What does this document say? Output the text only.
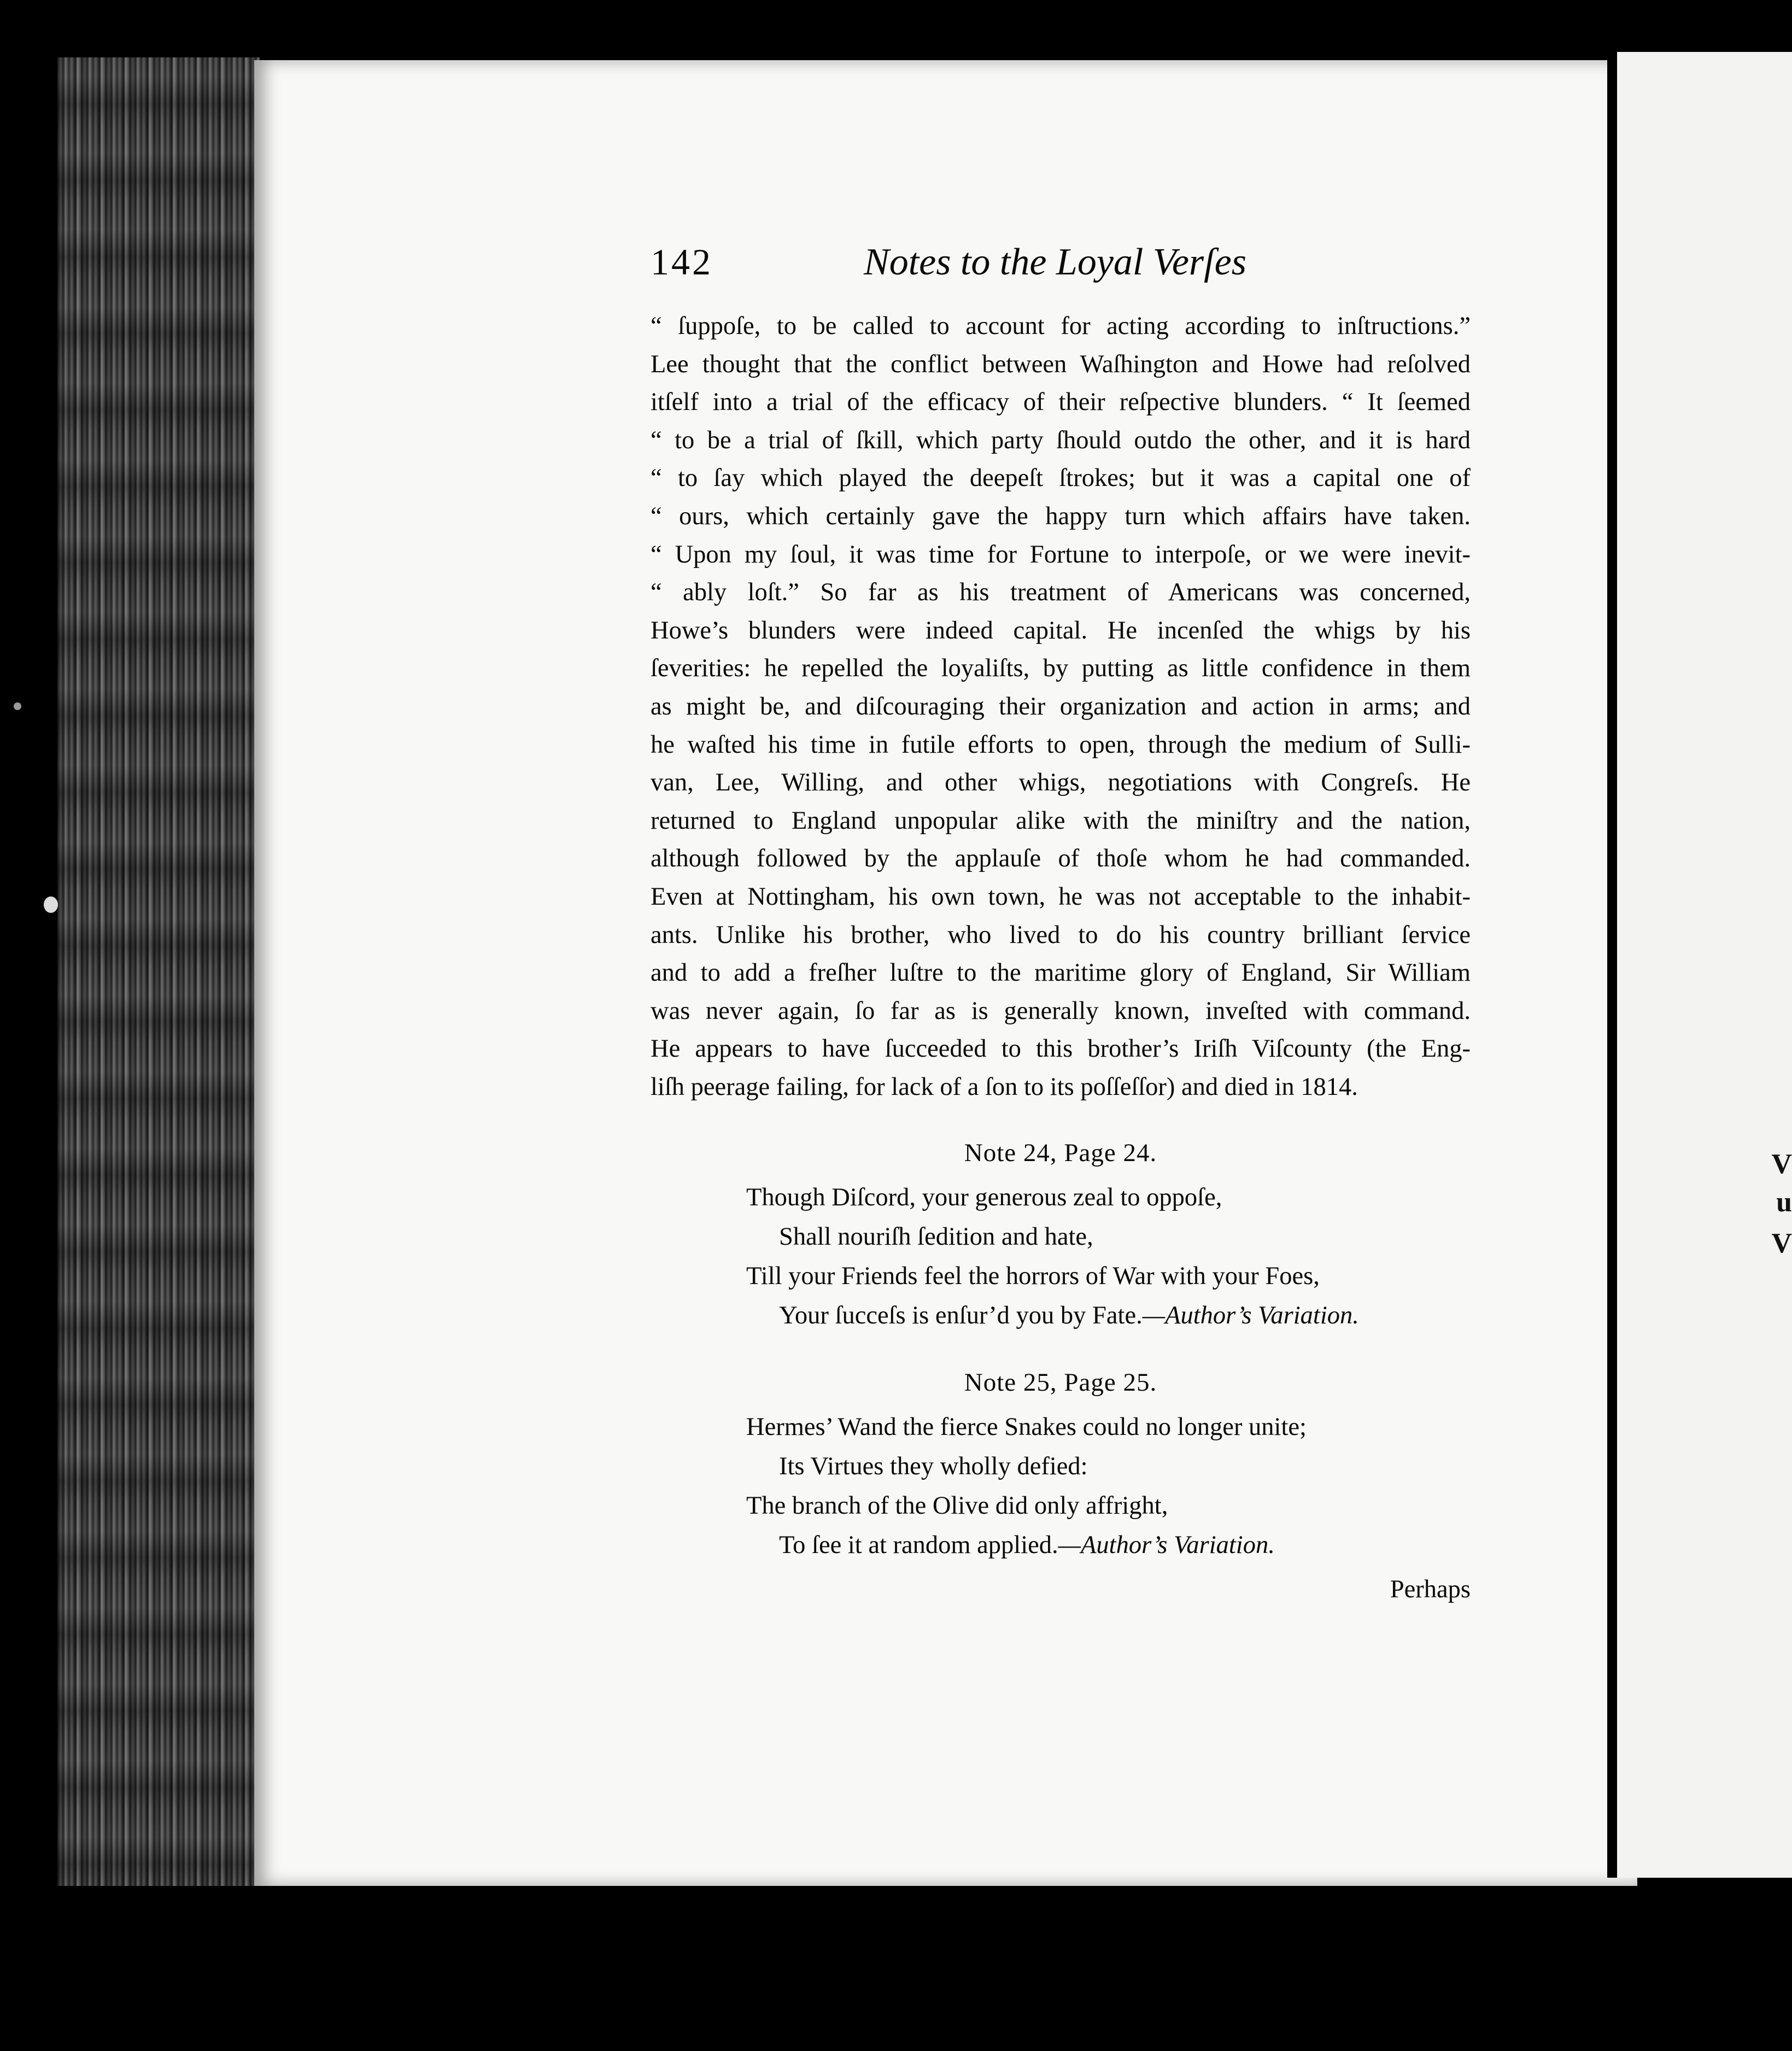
V
u
V
142	Notes to the Loyal Verſes
“ ſuppoſe, to be called to account for acting according to inſtructions.”
Lee thought that the conflict between Waſhington and Howe had reſolved
itſelf into a trial of the efficacy of their reſpective blunders. “ It ſeemed
“ to be a trial of ſkill, which party ſhould outdo the other, and it is hard
“ to ſay which played the deepeſt ſtrokes; but it was a capital one of
“ ours, which certainly gave the happy turn which affairs have taken.
“ Upon my ſoul, it was time for Fortune to interpoſe, or we were inevit-
“ ably loſt.” So far as his treatment of Americans was concerned,
Howe’s blunders were indeed capital. He incenſed the whigs by his
ſeverities: he repelled the loyaliſts, by putting as little confidence in them
as might be, and diſcouraging their organization and action in arms; and
he waſted his time in futile efforts to open, through the medium of Sulli-
van, Lee, Willing, and other whigs, negotiations with Congreſs. He
returned to England unpopular alike with the miniſtry and the nation,
although followed by the applauſe of thoſe whom he had commanded.
Even at Nottingham, his own town, he was not acceptable to the inhabit-
ants. Unlike his brother, who lived to do his country brilliant ſervice
and to add a freſher luſtre to the maritime glory of England, Sir William
was never again, ſo far as is generally known, inveſted with command.
He appears to have ſucceeded to this brother’s Iriſh Viſcounty (the Eng-
liſh peerage failing, for lack of a ſon to its poſſeſſor) and died in 1814.
Note 24, Page 24.
Though Diſcord, your generous zeal to oppoſe,
Shall nouriſh ſedition and hate,
Till your Friends feel the horrors of War with your Foes,
Your ſucceſs is enſur’d you by Fate.—Author’s Variation.
Note 25, Page 25.
Hermes’ Wand the fierce Snakes could no longer unite;
Its Virtues they wholly defied:
The branch of the Olive did only affright,
To ſee it at random applied.—Author’s Variation.
Perhaps
